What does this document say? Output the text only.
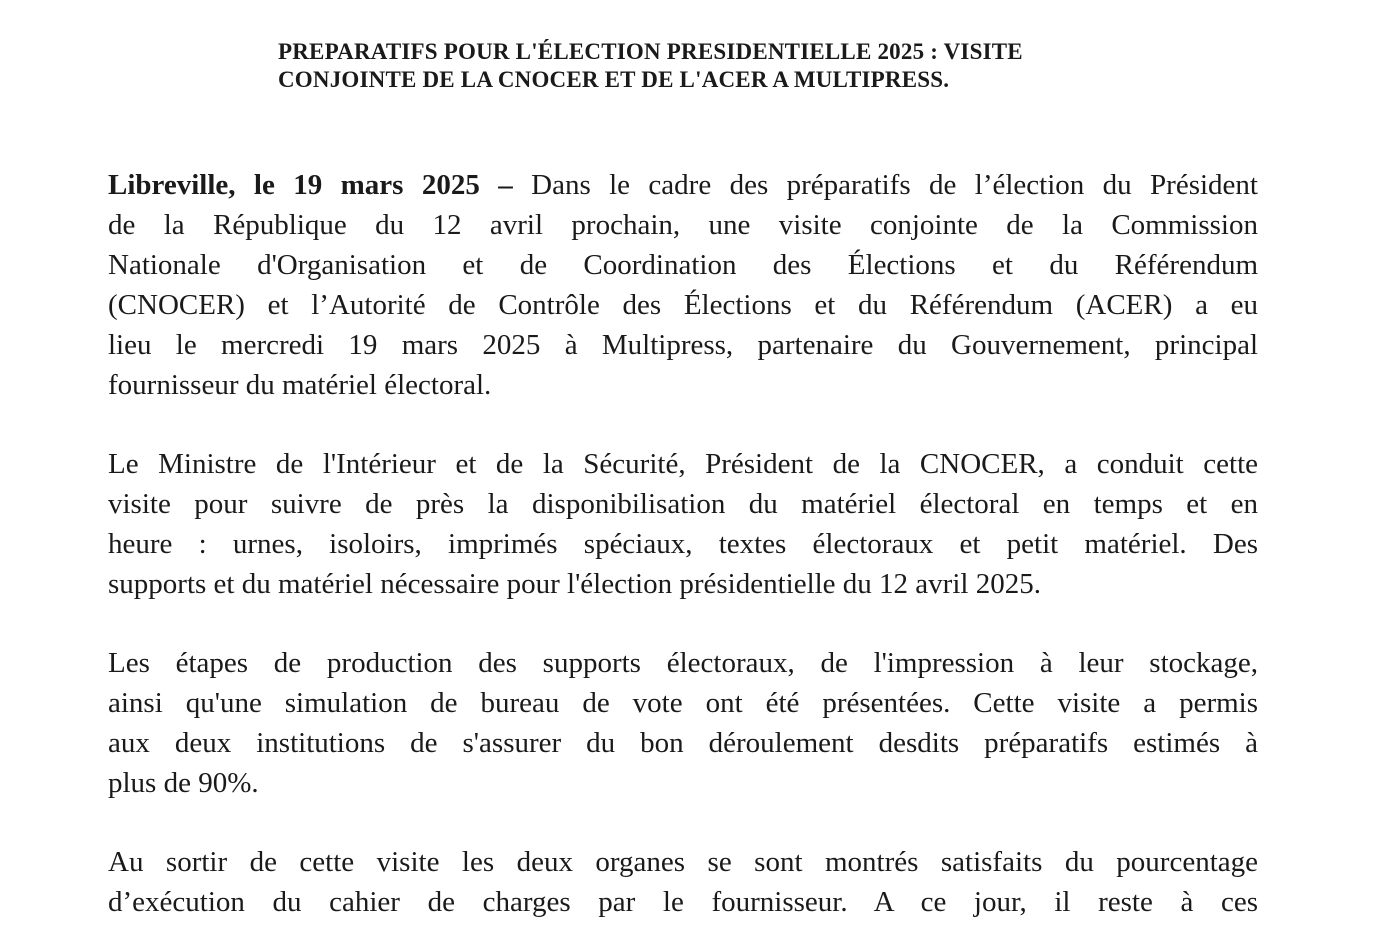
PREPARATIFS POUR L'ÉLECTION PRESIDENTIELLE 2025 : VISITE
CONJOINTE DE LA CNOCER ET DE L'ACER A MULTIPRESS.
Libreville, le 19 mars 2025 – Dans le cadre des préparatifs de l’élection du Président
de la République du 12 avril prochain, une visite conjointe de la Commission
Nationale d'Organisation et de Coordination des Élections et du Référendum
(CNOCER) et l’Autorité de Contrôle des Élections et du Référendum (ACER) a eu
lieu le mercredi 19 mars 2025 à Multipress, partenaire du Gouvernement, principal
fournisseur du matériel électoral.
Le Ministre de l'Intérieur et de la Sécurité, Président de la CNOCER, a conduit cette
visite pour suivre de près la disponibilisation du matériel électoral en temps et en
heure : urnes, isoloirs, imprimés spéciaux, textes électoraux et petit matériel. Des
supports et du matériel nécessaire pour l'élection présidentielle du 12 avril 2025.
Les étapes de production des supports électoraux, de l'impression à leur stockage,
ainsi qu'une simulation de bureau de vote ont été présentées. Cette visite a permis
aux deux institutions de s'assurer du bon déroulement desdits préparatifs estimés à
plus de 90%.
Au sortir de cette visite les deux organes se sont montrés satisfaits du pourcentage
d’exécution du cahier de charges par le fournisseur. A ce jour, il reste à ces
